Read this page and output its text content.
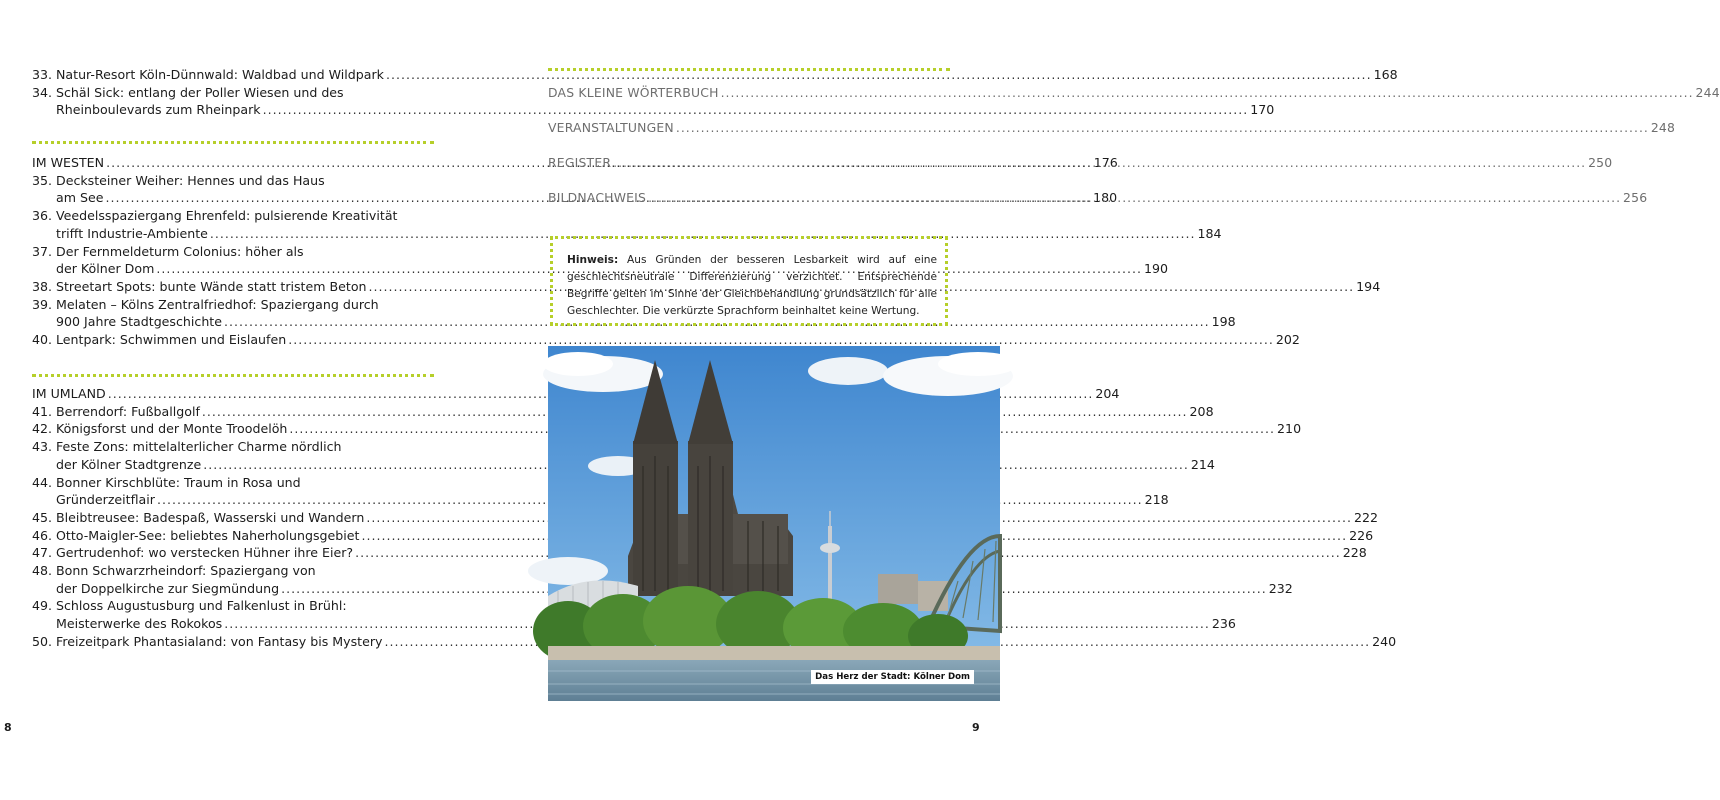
33. Natur-Resort Köln-Dünnwald: Waldbad und Wildpark .....	168
34. Schäl Sick: entlang der Poller Wiesen und des
Rheinboulevards zum Rheinpark .....	170
IM WESTEN .....	176
35. Decksteiner Weiher: Hennes und das Haus
am See .....	180
36. Veedelsspaziergang Ehrenfeld: pulsierende Kreativität
trifft Industrie-Ambiente .....	184
37. Der Fernmeldeturm Colonius: höher als
der Kölner Dom .....	190
38. Streetart Spots: bunte Wände statt tristem Beton .....	194
39. Melaten – Kölns Zentralfriedhof: Spaziergang durch
900 Jahre Stadtgeschichte .....	198
40. Lentpark: Schwimmen und Eislaufen .....	202
IM UMLAND .....	204
41. Berrendorf: Fußballgolf .....	208
42. Königsforst und der Monte Troodelöh .....	210
43. Feste Zons: mittelalterlicher Charme nördlich
der Kölner Stadtgrenze .....	214
44. Bonner Kirschblüte: Traum in Rosa und
Gründerzeitflair .....	218
45. Bleibtreusee: Badespaß, Wasserski und Wandern .....	222
46. Otto-Maigler-See: beliebtes Naherholungsgebiet .....	226
47. Gertrudenhof: wo verstecken Hühner ihre Eier? .....	228
48. Bonn Schwarzrheindorf: Spaziergang von
der Doppelkirche zur Siegmündung .....	232
49. Schloss Augustusburg und Falkenlust in Brühl:
Meisterwerke des Rokokos .....	236
50. Freizeitpark Phantasialand: von Fantasy bis Mystery .....	240
8
DAS KLEINE WÖRTERBUCH .....	244
VERANSTALTUNGEN .....	248
REGISTER .....	250
BILDNACHWEIS .....	256
Hinweis: Aus Gründen der besseren Lesbarkeit wird auf eine geschlechtsneutrale Differenzierung verzichtet. Entsprechende Begriffe gelten im Sinne der Gleichbehandlung grundsätzlich für alle Geschlechter. Die verkürzte Sprachform beinhaltet keine Wertung.
Das Herz der Stadt: Kölner Dom
9
